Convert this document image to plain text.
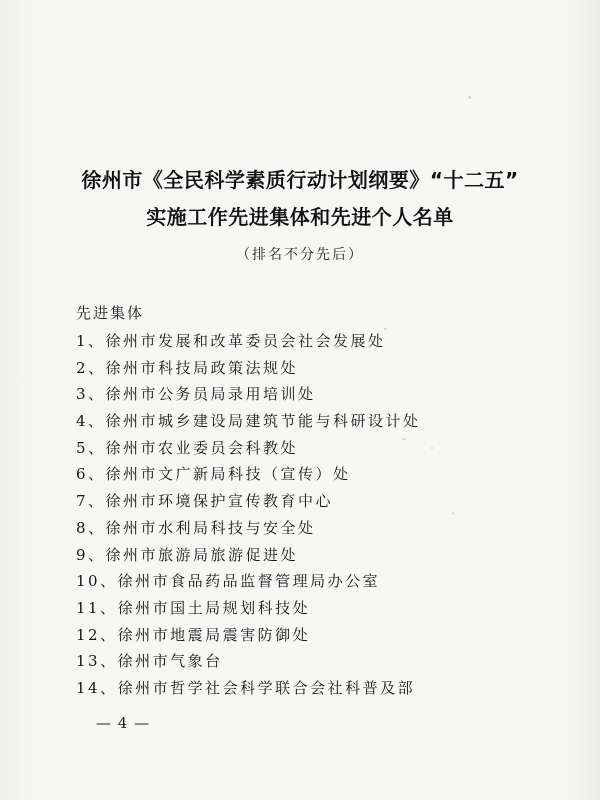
徐州市《全民科学素质行动计划纲要》“十二五”
实施工作先进集体和先进个人名单
（排名不分先后）
先进集体
1、徐州市发展和改革委员会社会发展处
2、徐州市科技局政策法规处
3、徐州市公务员局录用培训处
4、徐州市城乡建设局建筑节能与科研设计处
5、徐州市农业委员会科教处
6、徐州市文广新局科技（宣传）处
7、徐州市环境保护宣传教育中心
8、徐州市水利局科技与安全处
9、徐州市旅游局旅游促进处
10、徐州市食品药品监督管理局办公室
11、徐州市国土局规划科技处
12、徐州市地震局震害防御处
13、徐州市气象台
14、徐州市哲学社会科学联合会社科普及部
— 4 —
